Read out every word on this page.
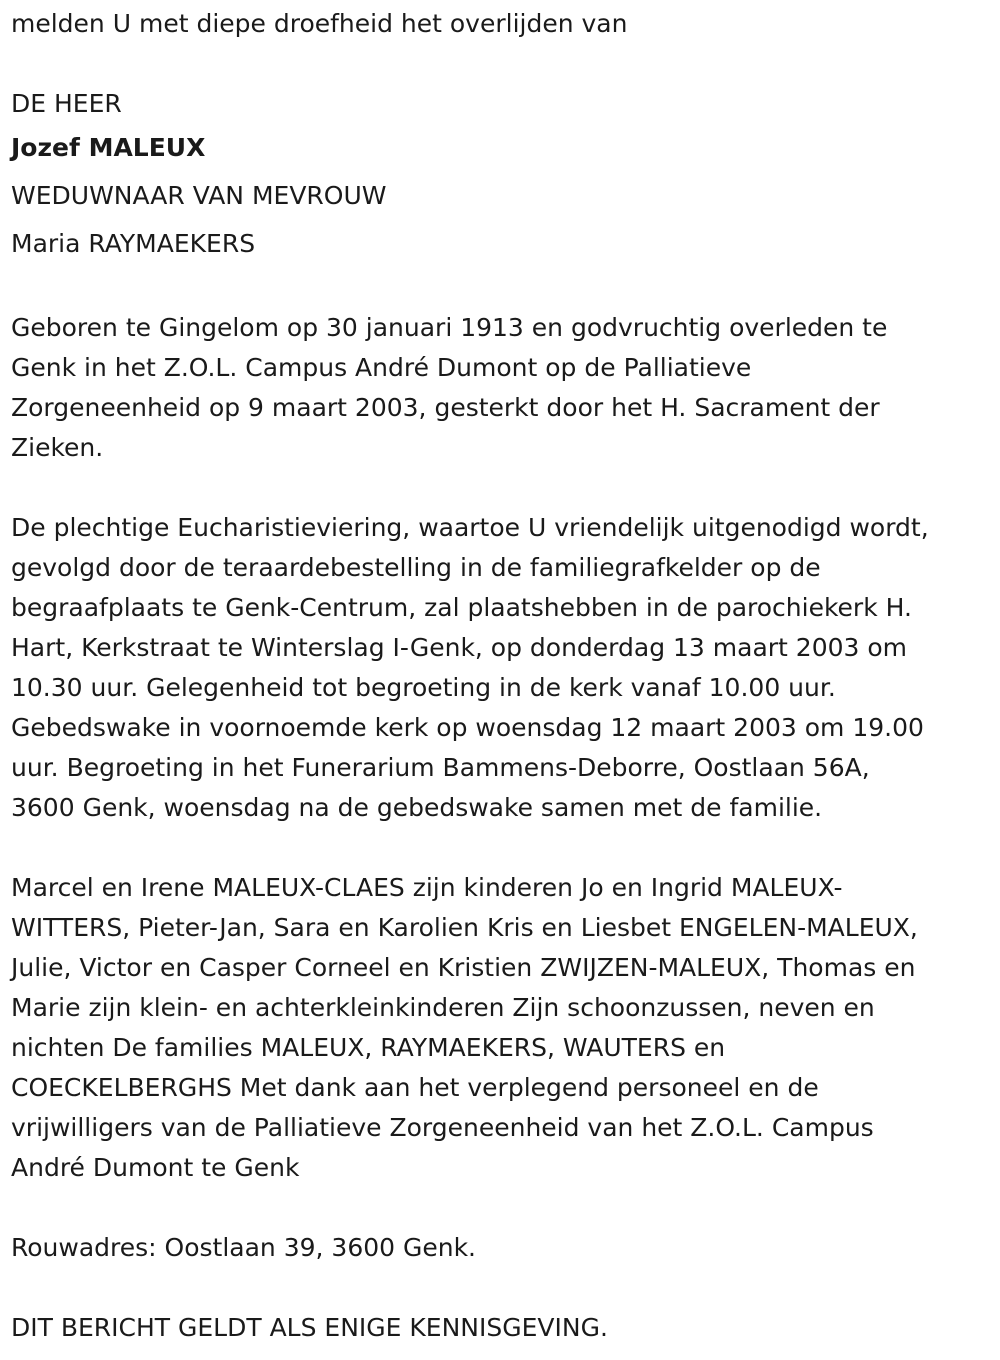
melden U met diepe droefheid het overlijden van

DE HEER

Jozef MALEUX

WEDUWNAAR VAN MEVROUW

Maria RAYMAEKERS

Geboren te Gingelom op 30 januari 1913 en godvruchtig overleden te

Genk in het Z.O.L. Campus André Dumont op de Palliatieve

Zorgeneenheid op 9 maart 2003, gesterkt door het H. Sacrament der

Zieken.

De plechtige Eucharistieviering, waartoe U vriendelijk uitgenodigd wordt,

gevolgd door de teraardebestelling in de familiegrafkelder op de

begraafplaats te Genk-Centrum, zal plaatshebben in de parochiekerk H.

Hart, Kerkstraat te Winterslag I-Genk, op donderdag 13 maart 2003 om

10.30 uur. Gelegenheid tot begroeting in de kerk vanaf 10.00 uur.

Gebedswake in voornoemde kerk op woensdag 12 maart 2003 om 19.00

uur. Begroeting in het Funerarium Bammens-Deborre, Oostlaan 56A,

3600 Genk, woensdag na de gebedswake samen met de familie.

Marcel en Irene MALEUX-CLAES zijn kinderen Jo en Ingrid MALEUX-

WITTERS, Pieter-Jan, Sara en Karolien Kris en Liesbet ENGELEN-MALEUX,

Julie, Victor en Casper Corneel en Kristien ZWIJZEN-MALEUX, Thomas en

Marie zijn klein- en achterkleinkinderen Zijn schoonzussen, neven en

nichten De families MALEUX, RAYMAEKERS, WAUTERS en

COECKELBERGHS Met dank aan het verplegend personeel en de

vrijwilligers van de Palliatieve Zorgeneenheid van het Z.O.L. Campus

André Dumont te Genk

Rouwadres: Oostlaan 39, 3600 Genk.

DIT BERICHT GELDT ALS ENIGE KENNISGEVING.
